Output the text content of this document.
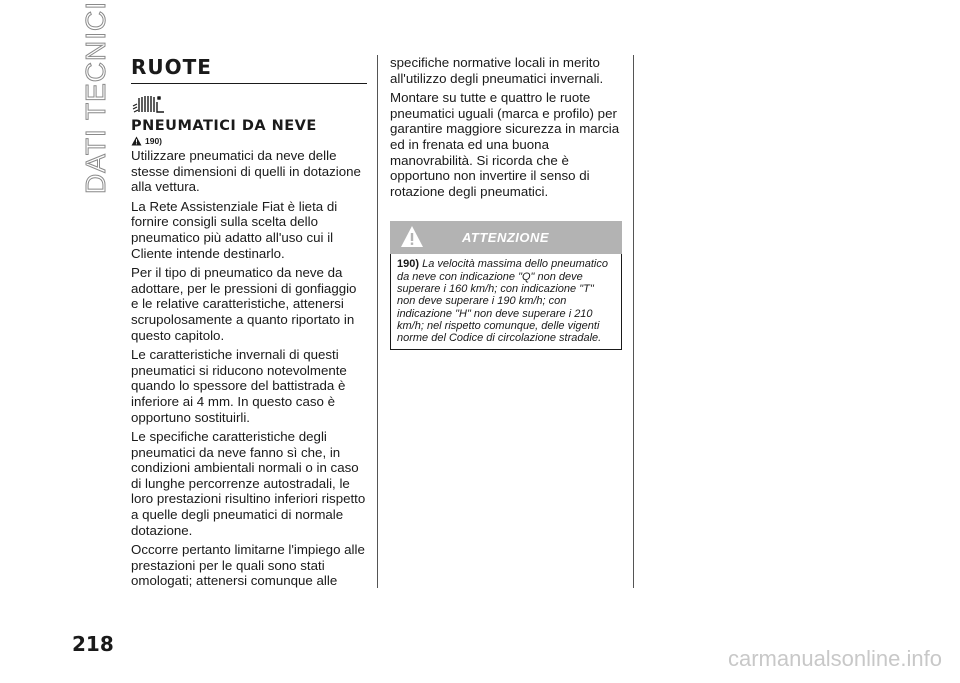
DATI TECNICI RUOTE
PNEUMATICI DA NEVE
190)

Utilizzare pneumatici da neve delle stesse dimensioni di quelli in dotazione alla vettura.

La Rete Assistenziale Fiat è lieta di fornire consigli sulla scelta dello pneumatico più adatto all'uso cui il Cliente intende destinarlo.

Per il tipo di pneumatico da neve da adottare, per le pressioni di gonfiaggio e le relative caratteristiche, attenersi scrupolosamente a quanto riportato in questo capitolo.

Le caratteristiche invernali di questi pneumatici si riducono notevolmente quando lo spessore del battistrada è inferiore ai 4 mm. In questo caso è opportuno sostituirli.

Le specifiche caratteristiche degli pneumatici da neve fanno sì che, in condizioni ambientali normali o in caso di lunghe percorrenze autostradali, le loro prestazioni risultino inferiori rispetto a quelle degli pneumatici di normale dotazione.

Occorre pertanto limitarne l'impiego alle prestazioni per le quali sono stati omologati; attenersi comunque alle

specifiche normative locali in merito all'utilizzo degli pneumatici invernali.

Montare su tutte e quattro le ruote pneumatici uguali (marca e profilo) per garantire maggiore sicurezza in marcia ed in frenata ed una buona manovrabilità. Si ricorda che è opportuno non invertire il senso di rotazione degli pneumatici.

ATTENZIONE

190) La velocità massima dello pneumatico da neve con indicazione "Q" non deve superare i 160 km/h; con indicazione "T" non deve superare i 190 km/h; con indicazione "H" non deve superare i 210 km/h; nel rispetto comunque, delle vigenti norme del Codice di circolazione stradale.

218
carmanualsonline.info
